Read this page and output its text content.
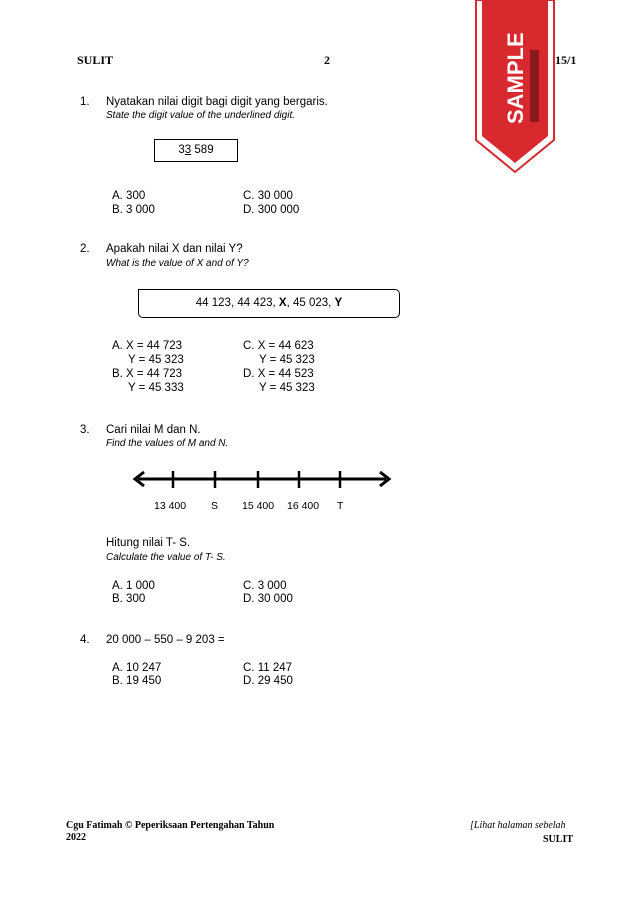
SULIT	2	15/1
SAMPLE
1. Nyatakan nilai digit bagi digit yang bergaris.
State the digit value of the underlined digit.
33 589
A. 300
B. 3 000
C. 30 000
D. 300 000
2. Apakah nilai X dan nilai Y?
What is the value of X and of Y?
44 123, 44 423, X, 45 023, Y
A. X = 44 723
Y = 45 323
B. X = 44 723
Y = 45 333
C. X = 44 623
Y = 45 323
D. X = 44 523
Y = 45 323
3. Cari nilai M dan N.
Find the values of M and N.
13 400 S 15 400 16 400 T
Hitung nilai T- S.
Calculate the value of T- S.
A. 1 000
B. 300
C. 3 000
D. 30 000
4. 20 000 – 550 – 9 203 =
A. 10 247
B. 19 450
C. 11 247
D. 29 450
Cgu Fatimah © Peperiksaan Pertengahan Tahun
2022
[Lihat halaman sebelah
SULIT
